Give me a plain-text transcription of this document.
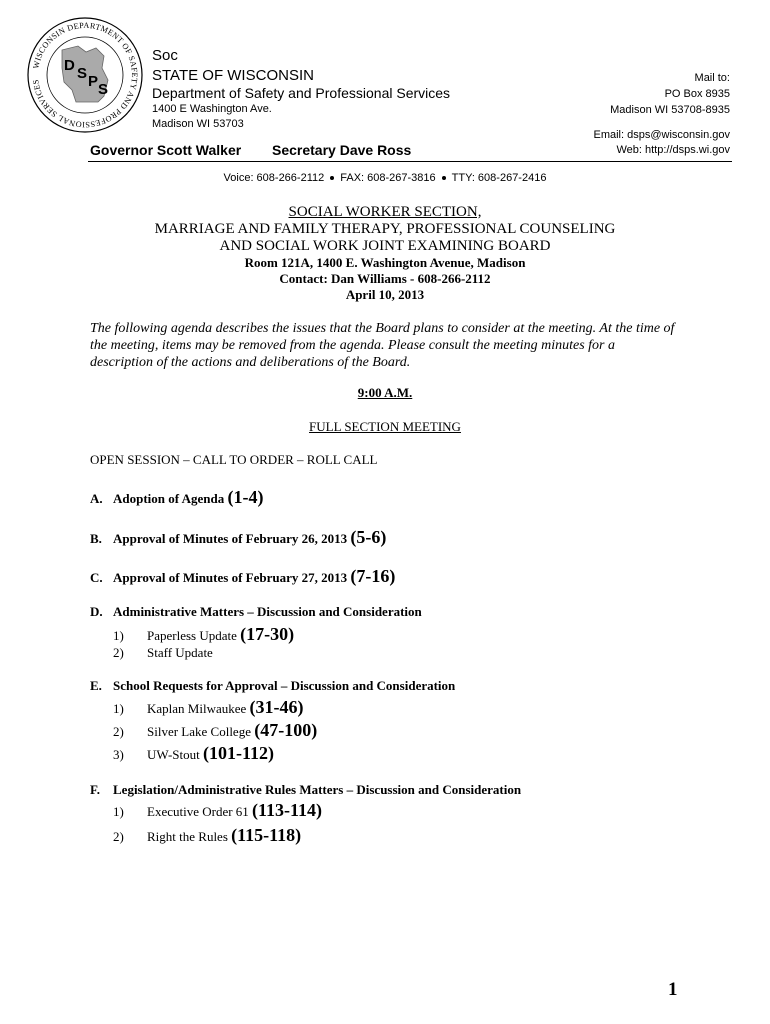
WISCONSIN DEPARTMENT OF SAFETY AND PROFESSIONAL SERVICES
D S P S
Soc
STATE OF WISCONSIN
Department of Safety and Professional Services
1400 E Washington Ave.
Madison WI 53703
Mail to:
PO Box 8935
Madison WI 53708-8935
Email: dsps@wisconsin.gov
Web: http://dsps.wi.gov
Governor Scott Walker Secretary Dave Ross
Voice: 608-266-2112 FAX: 608-267-3816 TTY: 608-267-2416
SOCIAL WORKER SECTION,
MARRIAGE AND FAMILY THERAPY, PROFESSIONAL COUNSELING
AND SOCIAL WORK JOINT EXAMINING BOARD
Room 121A, 1400 E. Washington Avenue, Madison
Contact: Dan Williams - 608-266-2112
April 10, 2013
The following agenda describes the issues that the Board plans to consider at the meeting. At the time of
the meeting, items may be removed from the agenda. Please consult the meeting minutes for a
description of the actions and deliberations of the Board.
9:00 A.M.
FULL SECTION MEETING
OPEN SESSION – CALL TO ORDER – ROLL CALL
A. Adoption of Agenda (1-4)
B. Approval of Minutes of February 26, 2013 (5-6)
C. Approval of Minutes of February 27, 2013 (7-16)
D. Administrative Matters – Discussion and Consideration
1) Paperless Update (17-30)
2) Staff Update
E. School Requests for Approval – Discussion and Consideration
1) Kaplan Milwaukee (31-46)
2) Silver Lake College (47-100)
3) UW-Stout (101-112)
F. Legislation/Administrative Rules Matters – Discussion and Consideration
1) Executive Order 61 (113-114)
2) Right the Rules (115-118)
1
